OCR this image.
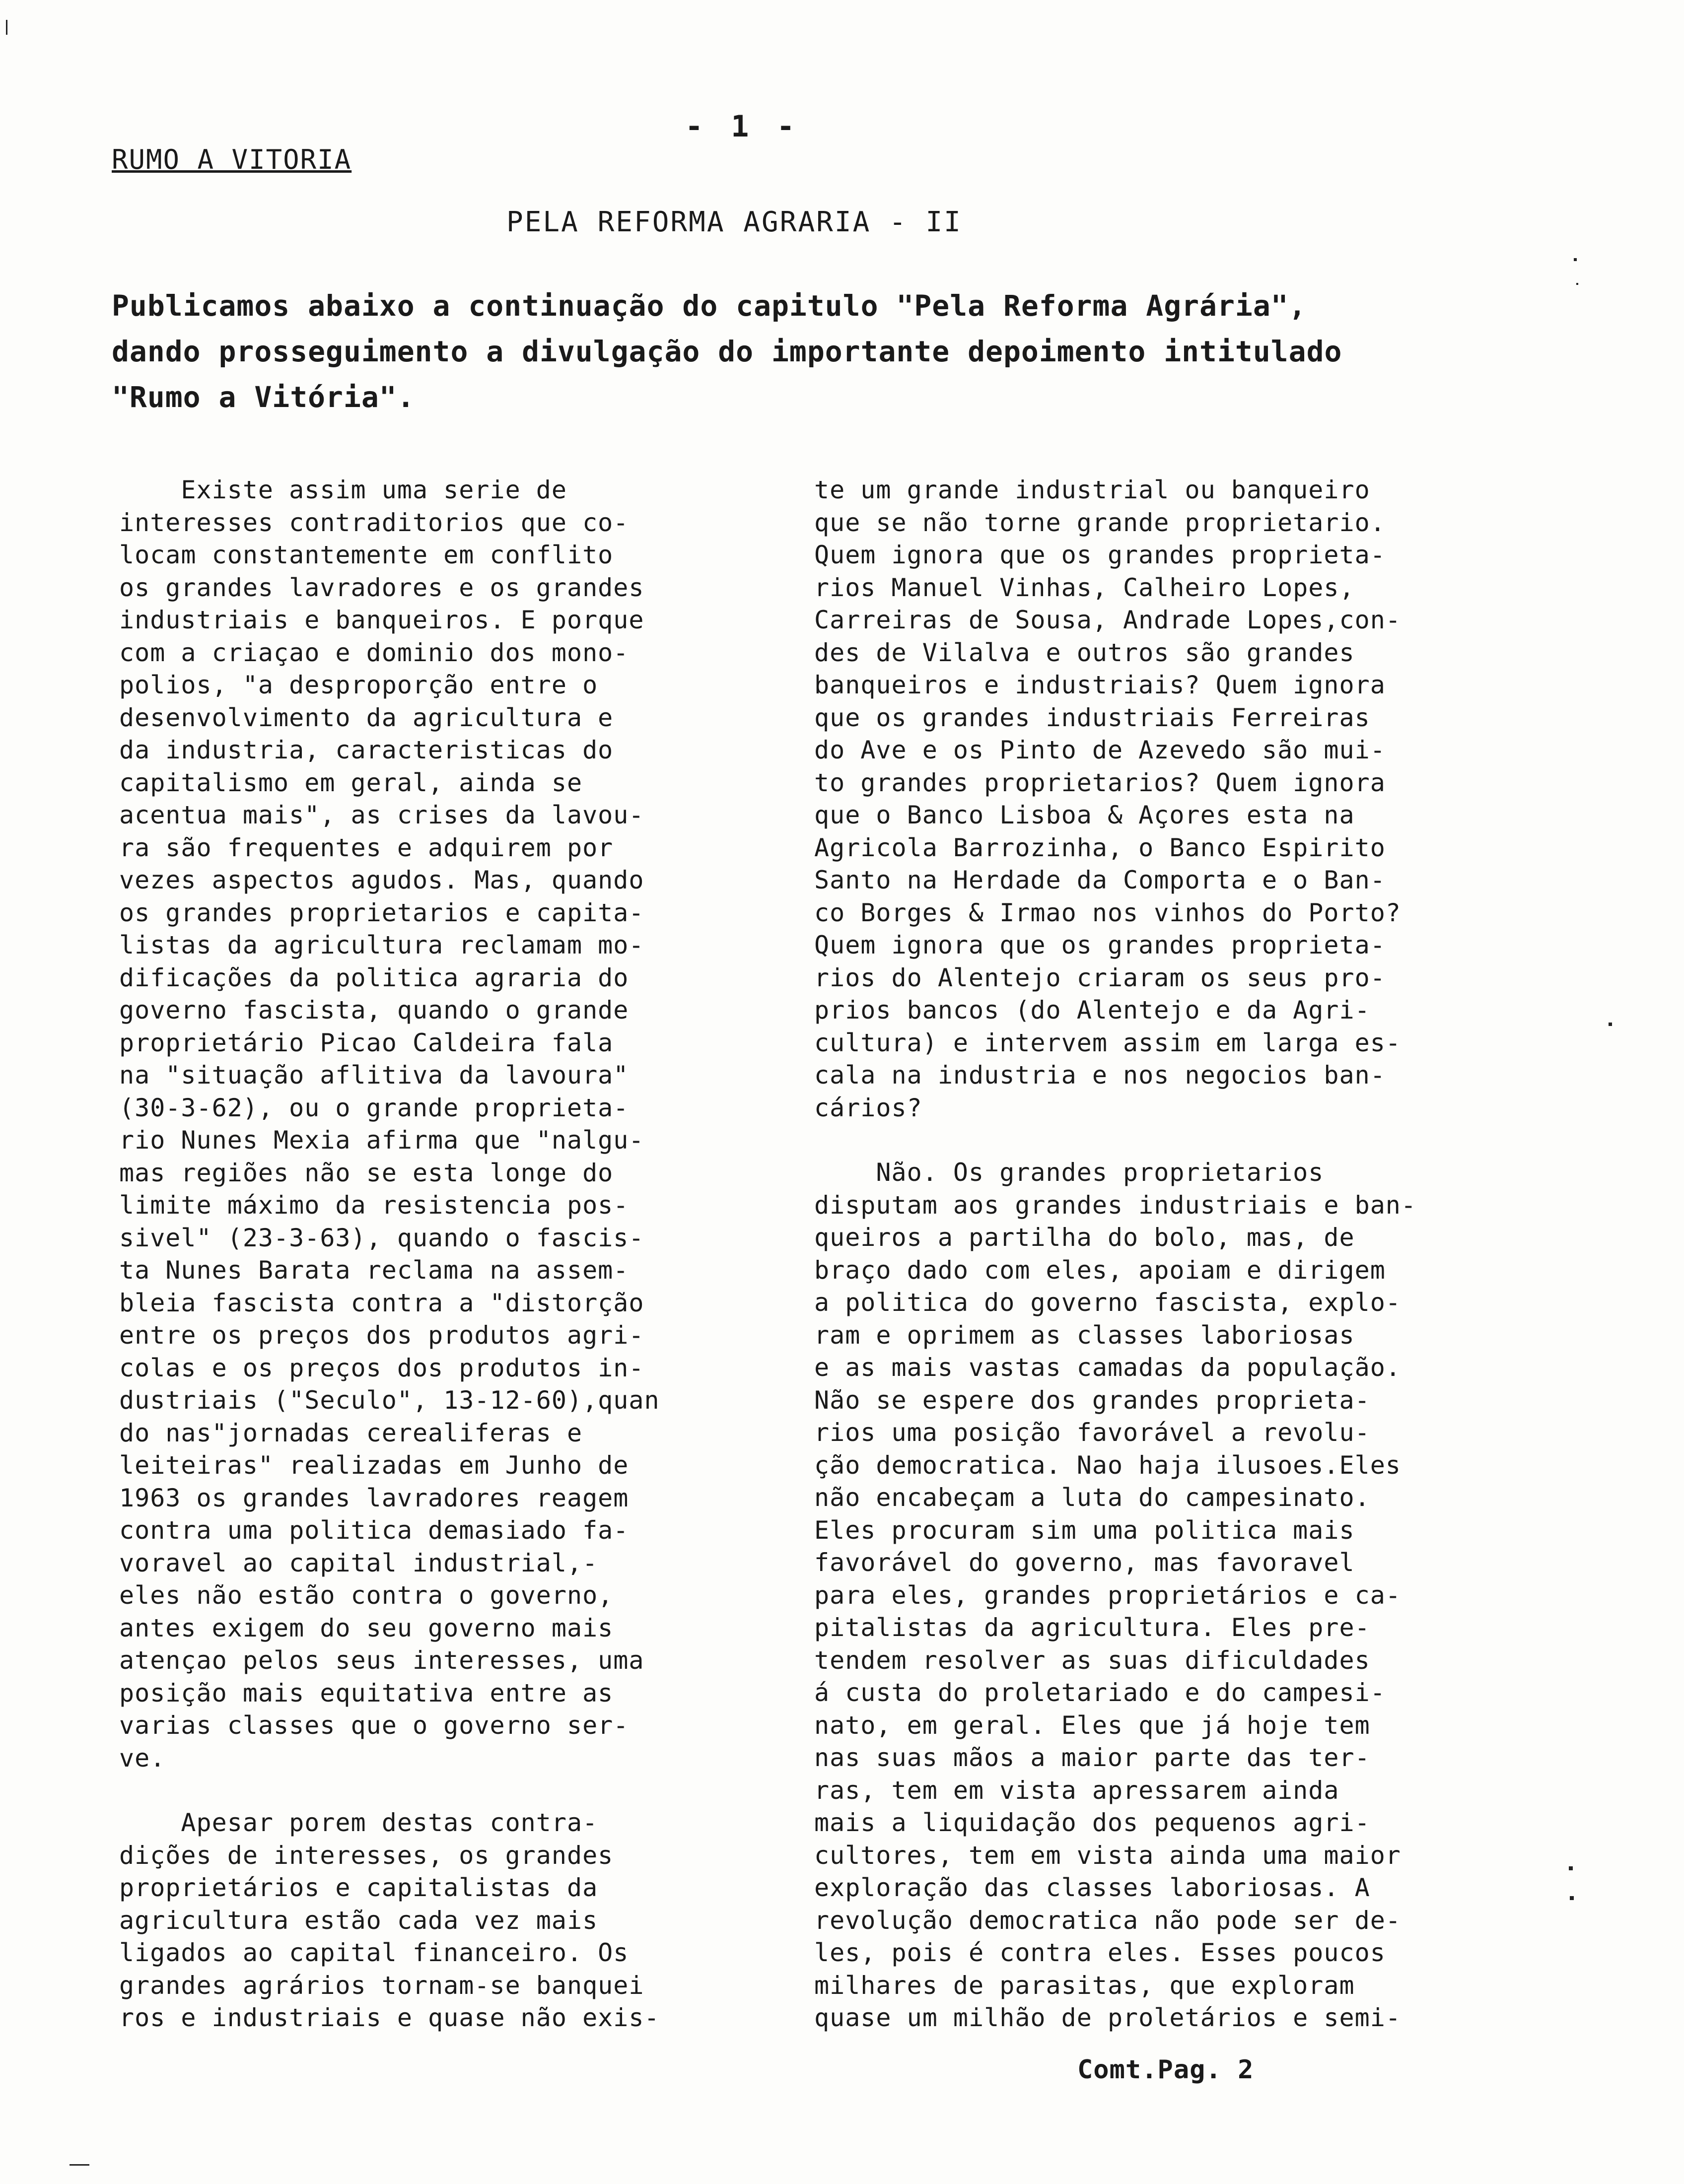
- 1 -
RUMO A VITORIA
PELA REFORMA AGRARIA - II

Publicamos abaixo a continuação do capitulo "Pela Reforma Agrária",

dando prosseguimento a divulgação do importante depoimento intitulado

"Rumo a Vitória".

Existe assim uma serie de
interesses contraditorios que co-
locam constantemente em conflito
os grandes lavradores e os grandes
industriais e banqueiros. E porque
com a criaçao e dominio dos mono-
polios, "a desproporção entre o
desenvolvimento da agricultura e
da industria, caracteristicas do
capitalismo em geral, ainda se
acentua mais", as crises da lavou-
ra são frequentes e adquirem por
vezes aspectos agudos. Mas, quando
os grandes proprietarios e capita-
listas da agricultura reclamam mo-
dificações da politica agraria do
governo fascista, quando o grande
proprietário Picao Caldeira fala
na "situação aflitiva da lavoura"
(30-3-62), ou o grande proprieta-
rio Nunes Mexia afirma que "nalgu-
mas regiões não se esta longe do
limite máximo da resistencia pos-
sivel" (23-3-63), quando o fascis-
ta Nunes Barata reclama na assem-
bleia fascista contra a "distorção
entre os preços dos produtos agri-
colas e os preços dos produtos in-
dustriais ("Seculo", 13-12-60),quan
do nas"jornadas cerealiferas e
leiteiras" realizadas em Junho de
1963 os grandes lavradores reagem
contra uma politica demasiado fa-
voravel ao capital industrial,-
eles não estão contra o governo,
antes exigem do seu governo mais
atençao pelos seus interesses, uma
posição mais equitativa entre as
varias classes que o governo ser-
ve.
Apesar porem destas contra-
dições de interesses, os grandes
proprietários e capitalistas da
agricultura estão cada vez mais
ligados ao capital financeiro. Os
grandes agrários tornam-se banquei
ros e industriais e quase não exis-
te um grande industrial ou banqueiro
que se não torne grande proprietario.
Quem ignora que os grandes proprieta-
rios Manuel Vinhas, Calheiro Lopes,
Carreiras de Sousa, Andrade Lopes,con-
des de Vilalva e outros são grandes
banqueiros e industriais? Quem ignora
que os grandes industriais Ferreiras
do Ave e os Pinto de Azevedo são mui-
to grandes proprietarios? Quem ignora
que o Banco Lisboa & Açores esta na
Agricola Barrozinha, o Banco Espirito
Santo na Herdade da Comporta e o Ban-
co Borges & Irmao nos vinhos do Porto?
Quem ignora que os grandes proprieta-
rios do Alentejo criaram os seus pro-
prios bancos (do Alentejo e da Agri-
cultura) e intervem assim em larga es-
cala na industria e nos negocios ban-
cários?
Não. Os grandes proprietarios
disputam aos grandes industriais e ban-
queiros a partilha do bolo, mas, de
braço dado com eles, apoiam e dirigem
a politica do governo fascista, explo-
ram e oprimem as classes laboriosas
e as mais vastas camadas da população.
Não se espere dos grandes proprieta-
rios uma posição favorável a revolu-
ção democratica. Nao haja ilusoes.Eles
não encabeçam a luta do campesinato.
Eles procuram sim uma politica mais
favorável do governo, mas favoravel
para eles, grandes proprietários e ca-
pitalistas da agricultura. Eles pre-
tendem resolver as suas dificuldades
á custa do proletariado e do campesi-
nato, em geral. Eles que já hoje tem
nas suas mãos a maior parte das ter-
ras, tem em vista apressarem ainda
mais a liquidação dos pequenos agri-
cultores, tem em vista ainda uma maior
exploração das classes laboriosas. A
revolução democratica não pode ser de-
les, pois é contra eles. Esses poucos
milhares de parasitas, que exploram
quase um milhão de proletários e semi-
Comt.Pag. 2
